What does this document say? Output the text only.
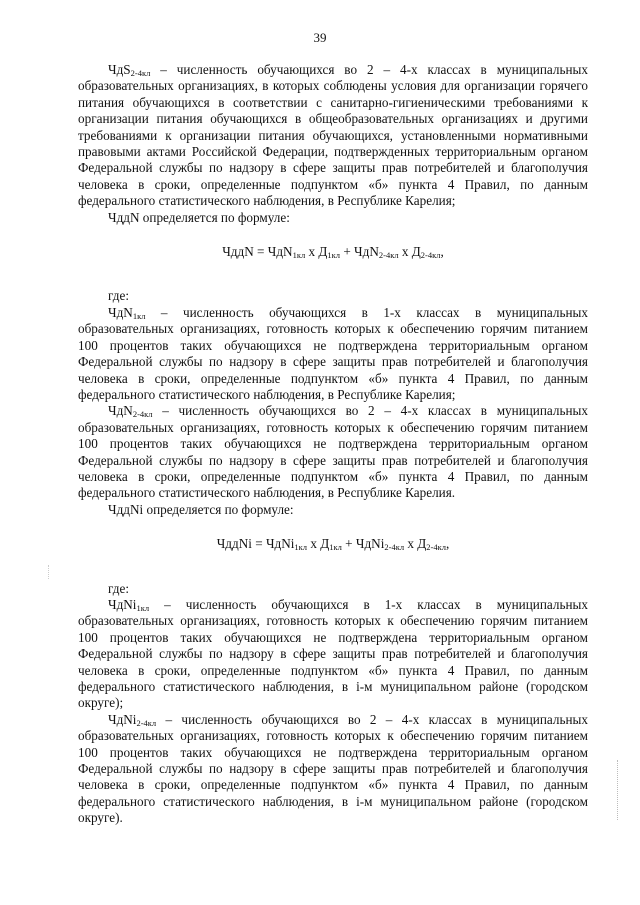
39

ЧдS$_{2-4кл}$ – численность обучающихся во 2 – 4-х классах в муниципальных образовательных организациях, в которых соблюдены условия для организации горячего питания обучающихся в соответствии с санитарно-гигиеническими требованиями к организации питания обучающихся в общеобразовательных организациях и другими требованиями к организации питания обучающихся, установленными нормативными правовыми актами Российской Федерации, подтвержденных территориальным органом Федеральной службы по надзору в сфере защиты прав потребителей и благополучия человека в сроки, определенные подпунктом «б» пункта 4 Правил, по данным федерального статистического наблюдения, в Республике Карелия;

ЧддN определяется по формуле:

ЧддN = ЧдN$_{1кл}$ x $Д_{1кл} + ЧдN_{2-4кл}$ x $Д_{2-4кл}$,

где:

ЧдN$_{1кл}$ – численность обучающихся в 1-х классах в муниципальных образовательных организациях, готовность которых к обеспечению горячим питанием 100 процентов таких обучающихся не подтверждена территориальным органом Федеральной службы по надзору в сфере защиты прав потребителей и благополучия человека в сроки, определенные подпунктом «б» пункта 4 Правил, по данным федерального статистического наблюдения, в Республике Карелия;

ЧдN$_{2-4кл}$ – численность обучающихся во 2 – 4-х классах в муниципальных образовательных организациях, готовность которых к обеспечению горячим питанием 100 процентов таких обучающихся не подтверждена территориальным органом Федеральной службы по надзору в сфере защиты прав потребителей и благополучия человека в сроки, определенные подпунктом «б» пункта 4 Правил, по данным федерального статистического наблюдения, в Республике Карелия.

ЧддNi определяется по формуле:

ЧддNi = ЧдNi$_{1кл}$ x $Д_{1кл}$ + ЧдNi$_{2-4кл}$ x $Д_{2-4кл}$,

где:

ЧдNi$_{1кл}$ – численность обучающихся в 1-х классах в муниципальных образовательных организациях, готовность которых к обеспечению горячим питанием 100 процентов таких обучающихся не подтверждена территориальным органом Федеральной службы по надзору в сфере защиты прав потребителей и благополучия человека в сроки, определенные подпунктом «б» пункта 4 Правил, по данным федерального статистического наблюдения, в i-м муниципальном районе (городском округе);

ЧдNi$_{2-4кл}$ – численность обучающихся во 2 – 4-х классах в муниципальных образовательных организациях, готовность которых к обеспечению горячим питанием 100 процентов таких обучающихся не подтверждена территориальным органом Федеральной службы по надзору в сфере защиты прав потребителей и благополучия человека в сроки, определенные подпунктом «б» пункта 4 Правил, по данным федерального статистического наблюдения, в i-м муниципальном районе (городском округе).
